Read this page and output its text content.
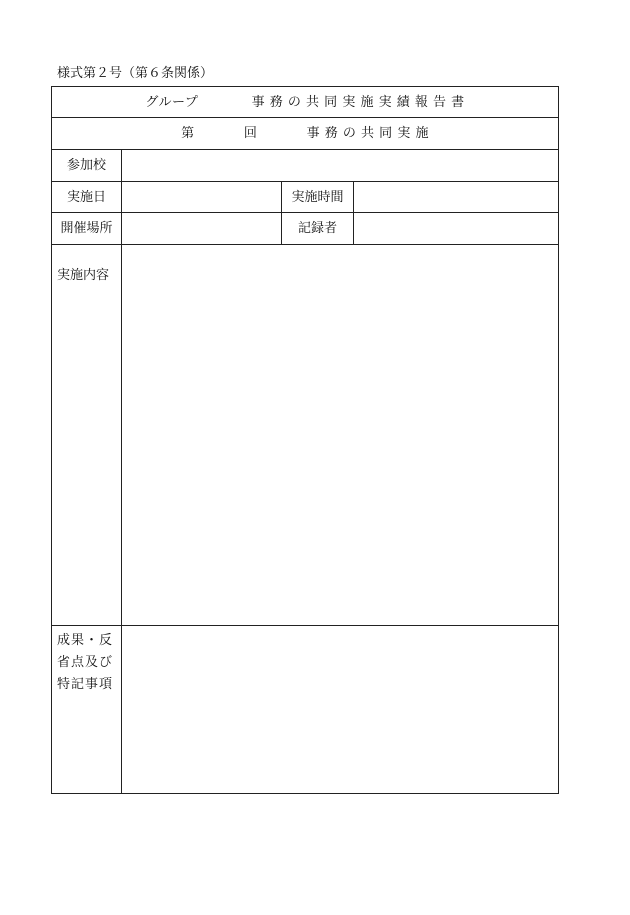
様式第２号（第６条関係）
グループ 事 務 の 共 同 実 施 実 績 報 告 書			
第 回 事 務 の 共 同 実 施			
参加校			
実施日		実施時間	
開催場所		記録者	
実施内容			

成果・反
省点及び
特記事項			
